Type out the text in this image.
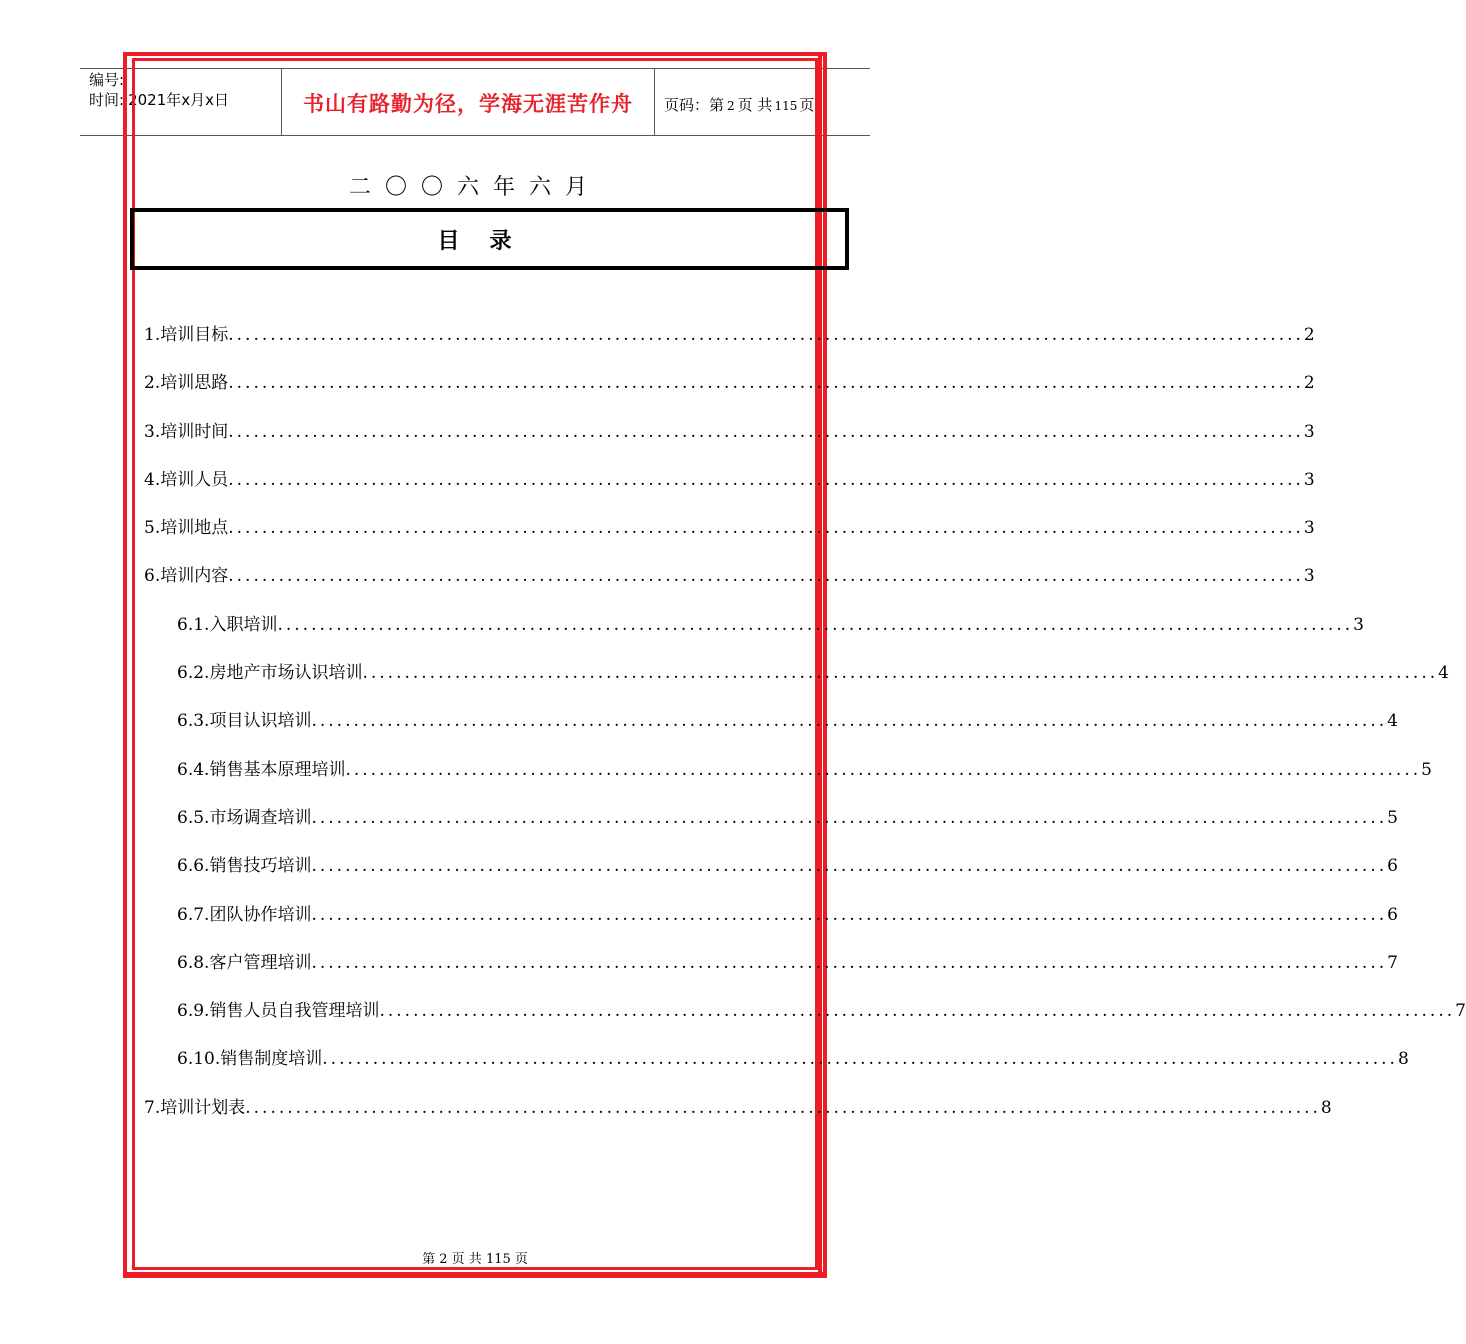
编号:
时间: 2021年x月x日	书山有路勤为径，学海无涯苦作舟	页码：第 2 页 共 115 页
二〇〇六年六月
目录
1. 培训目标 .....	2
2. 培训思路 .....	2
3. 培训时间 .....	3
4. 培训人员 .....	3
5. 培训地点 .....	3
6. 培训内容 .....	3
6.1. 入职培训 .....	3
6.2. 房地产市场认识培训 .....	4
6.3. 项目认识培训 .....	4
6.4. 销售基本原理培训 .....	5
6.5. 市场调查培训 .....	5
6.6. 销售技巧培训 .....	6
6.7. 团队协作培训 .....	6
6.8. 客户管理培训 .....	7
6.9. 销售人员自我管理培训 .....	7
6.10. 销售制度培训 .....	8
7. 培训计划表 .....	8
第 2 页 共 115 页
